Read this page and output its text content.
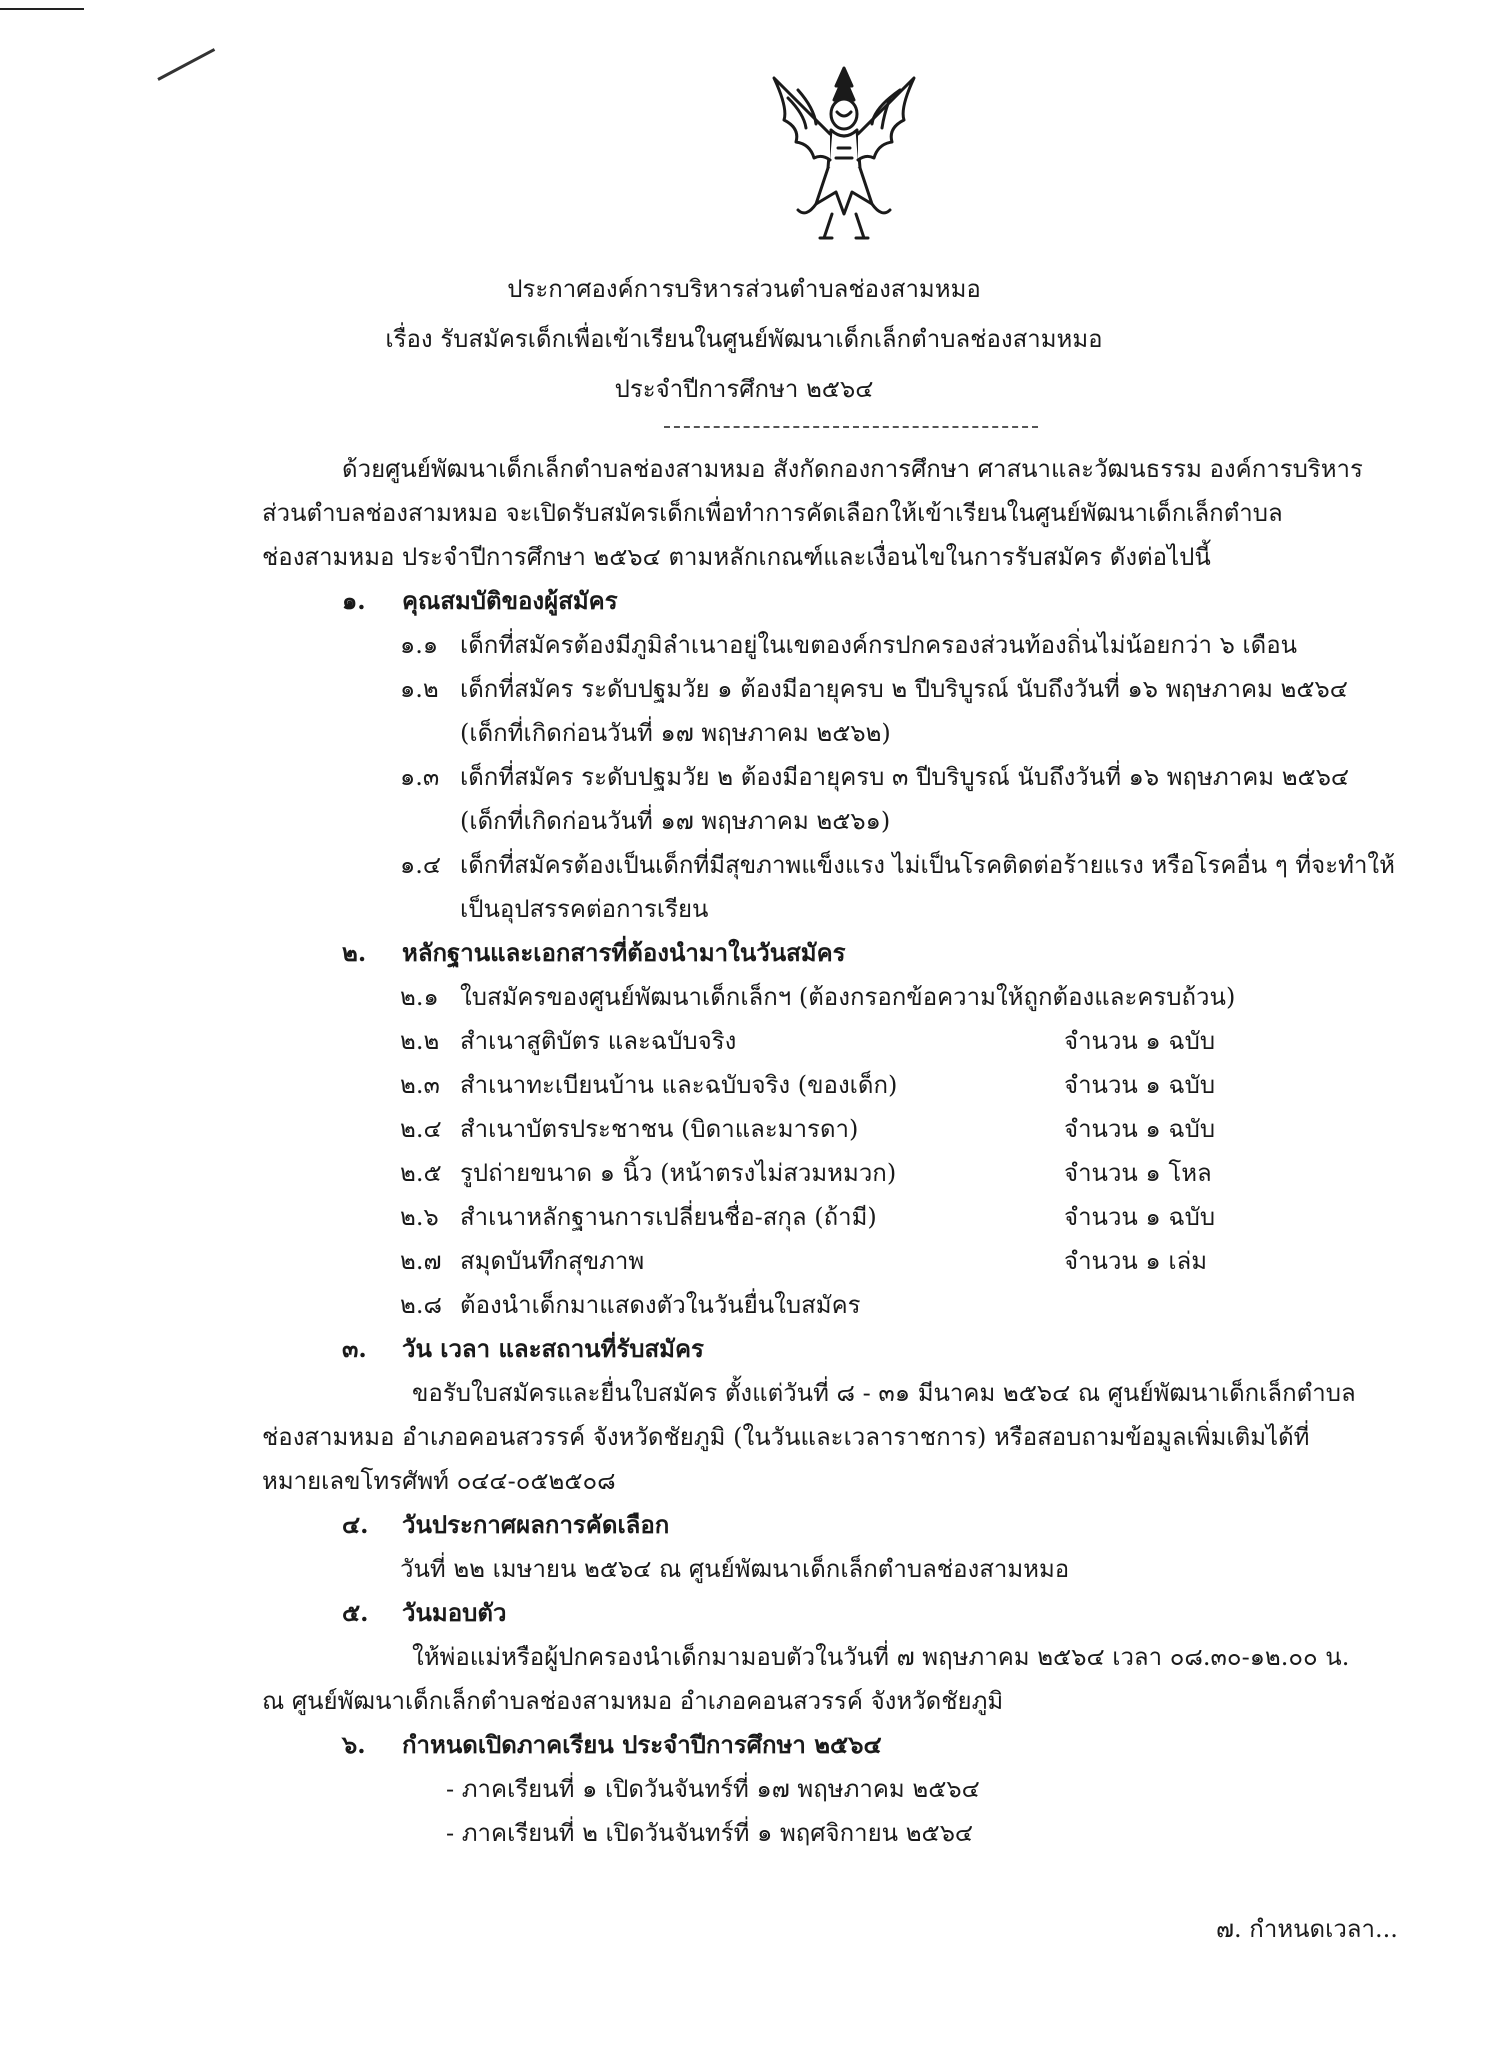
ประกาศองค์การบริหารส่วนตำบลช่องสามหมอ
เรื่อง รับสมัครเด็กเพื่อเข้าเรียนในศูนย์พัฒนาเด็กเล็กตำบลช่องสามหมอ
ประจำปีการศึกษา ๒๕๖๔
ด้วยศูนย์พัฒนาเด็กเล็กตำบลช่องสามหมอ สังกัดกองการศึกษา ศาสนาและวัฒนธรรม องค์การบริหาร
ส่วนตำบลช่องสามหมอ จะเปิดรับสมัครเด็กเพื่อทำการคัดเลือกให้เข้าเรียนในศูนย์พัฒนาเด็กเล็กตำบล
ช่องสามหมอ ประจำปีการศึกษา ๒๕๖๔ ตามหลักเกณฑ์และเงื่อนไขในการรับสมัคร ดังต่อไปนี้
๑. คุณสมบัติของผู้สมัคร
๑.๑ เด็กที่สมัครต้องมีภูมิลำเนาอยู่ในเขตองค์กรปกครองส่วนท้องถิ่นไม่น้อยกว่า ๖ เดือน
๑.๒ เด็กที่สมัคร ระดับปฐมวัย ๑ ต้องมีอายุครบ ๒ ปีบริบูรณ์ นับถึงวันที่ ๑๖ พฤษภาคม ๒๕๖๔
(เด็กที่เกิดก่อนวันที่ ๑๗ พฤษภาคม ๒๕๖๒)
๑.๓ เด็กที่สมัคร ระดับปฐมวัย ๒ ต้องมีอายุครบ ๓ ปีบริบูรณ์ นับถึงวันที่ ๑๖ พฤษภาคม ๒๕๖๔
(เด็กที่เกิดก่อนวันที่ ๑๗ พฤษภาคม ๒๕๖๑)
๑.๔ เด็กที่สมัครต้องเป็นเด็กที่มีสุขภาพแข็งแรง ไม่เป็นโรคติดต่อร้ายแรง หรือโรคอื่น ๆ ที่จะทำให้
เป็นอุปสรรคต่อการเรียน
๒. หลักฐานและเอกสารที่ต้องนำมาในวันสมัคร
๒.๑ ใบสมัครของศูนย์พัฒนาเด็กเล็กฯ (ต้องกรอกข้อความให้ถูกต้องและครบถ้วน)
๒.๒ สำเนาสูติบัตร และฉบับจริง	จำนวน ๑ ฉบับ
๒.๓ สำเนาทะเบียนบ้าน และฉบับจริง (ของเด็ก)	จำนวน ๑ ฉบับ
๒.๔ สำเนาบัตรประชาชน (บิดาและมารดา)	จำนวน ๑ ฉบับ
๒.๕ รูปถ่ายขนาด ๑ นิ้ว (หน้าตรงไม่สวมหมวก)	จำนวน ๑ โหล
๒.๖ สำเนาหลักฐานการเปลี่ยนชื่อ-สกุล (ถ้ามี)	จำนวน ๑ ฉบับ
๒.๗ สมุดบันทึกสุขภาพ	จำนวน ๑ เล่ม
๒.๘ ต้องนำเด็กมาแสดงตัวในวันยื่นใบสมัคร
๓. วัน เวลา และสถานที่รับสมัคร
ขอรับใบสมัครและยื่นใบสมัคร ตั้งแต่วันที่ ๘ - ๓๑ มีนาคม ๒๕๖๔ ณ ศูนย์พัฒนาเด็กเล็กตำบล
ช่องสามหมอ อำเภอคอนสวรรค์ จังหวัดชัยภูมิ (ในวันและเวลาราชการ) หรือสอบถามข้อมูลเพิ่มเติมได้ที่
หมายเลขโทรศัพท์ ๐๔๔-๐๕๒๕๐๘
๔. วันประกาศผลการคัดเลือก
วันที่ ๒๒ เมษายน ๒๕๖๔ ณ ศูนย์พัฒนาเด็กเล็กตำบลช่องสามหมอ
๕. วันมอบตัว
ให้พ่อแม่หรือผู้ปกครองนำเด็กมามอบตัวในวันที่ ๗ พฤษภาคม ๒๕๖๔ เวลา ๐๘.๓๐-๑๒.๐๐ น.
ณ ศูนย์พัฒนาเด็กเล็กตำบลช่องสามหมอ อำเภอคอนสวรรค์ จังหวัดชัยภูมิ
๖. กำหนดเปิดภาคเรียน ประจำปีการศึกษา ๒๕๖๔
- ภาคเรียนที่ ๑ เปิดวันจันทร์ที่ ๑๗ พฤษภาคม ๒๕๖๔
- ภาคเรียนที่ ๒ เปิดวันจันทร์ที่ ๑ พฤศจิกายน ๒๕๖๔
๗. กำหนดเวลา...
